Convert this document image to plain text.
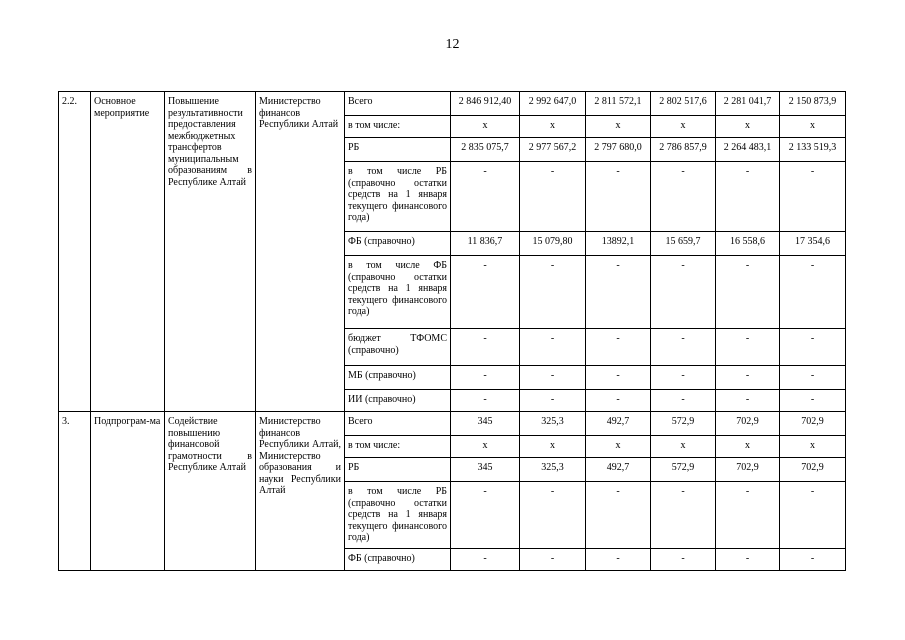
12
2.2.	Основное мероприятие	Повышение результативности предоставления межбюджетных трансфертов муниципальным образованиям в Республике Алтай	Министерство финансов Республики Алтай	Всего	2 846 912,40	2 992 647,0	2 811 572,1	2 802 517,6	2 281 041,7	2 150 873,9
				в том числе:	х	х	х	х	х	х
				РБ	2 835 075,7	2 977 567,2	2 797 680,0	2 786 857,9	2 264 483,1	2 133 519,3
				в том числе РБ (справочно остатки средств на 1 января текущего финансового года)	-	-	-	-	-	-
				ФБ (справочно)	11 836,7	15 079,80	13892,1	15 659,7	16 558,6	17 354,6
				в том числе ФБ (справочно остатки средств на 1 января текущего финансового года)	-	-	-	-	-	-
				бюджет ТФОМС (справочно)	-	-	-	-	-	-
				МБ (справочно)	-	-	-	-	-	-
				ИИ (справочно)	-	-	-	-	-	-
3.	Подпрограм-ма	Содействие повышению финансовой грамотности в Республике Алтай	Министерство финансов Республики Алтай, Министерство образования и науки Республики Алтай	Всего	345	325,3	492,7	572,9	702,9	702,9
				в том числе:	х	х	х	х	х	х
				РБ	345	325,3	492,7	572,9	702,9	702,9
				в том числе РБ (справочно остатки средств на 1 января текущего финансового года)	-	-	-	-	-	-
				ФБ (справочно)	-	-	-	-	-	-
